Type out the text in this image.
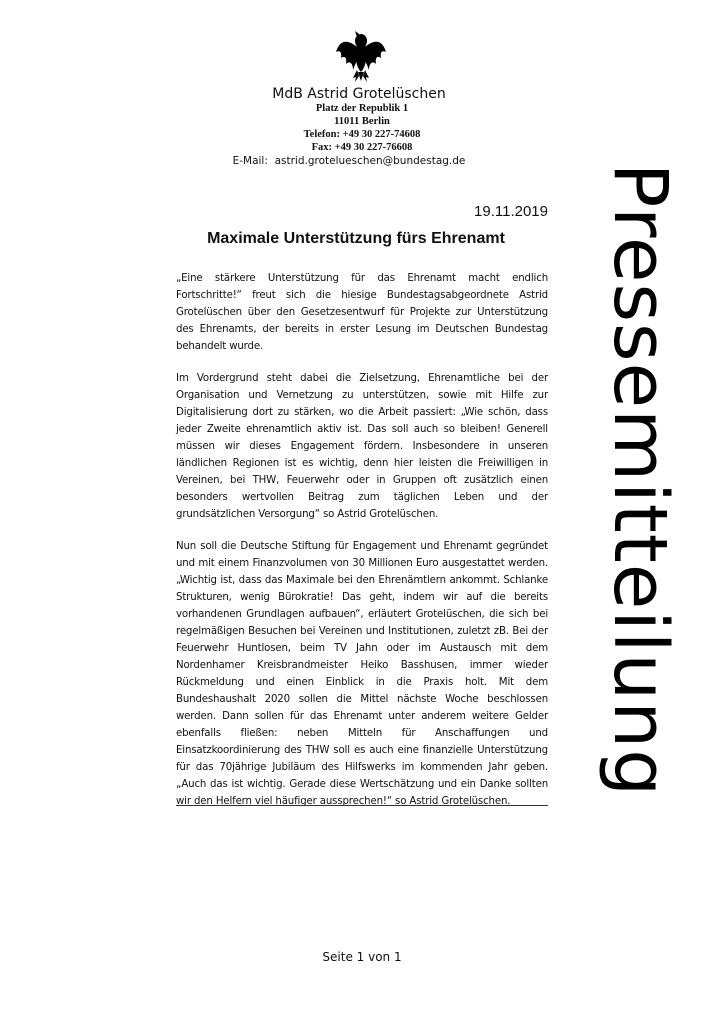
MdB Astrid Grotelüschen
Platz der Republik 1
11011 Berlin
Telefon: +49 30 227-74608
Fax: +49 30 227-76608
E-Mail: astrid.grotelueschen@bundestag.de
Pressemitteilung
19.11.2019
Maximale Unterstützung fürs Ehrenamt

„Eine stärkere Unterstützung für das Ehrenamt macht endlich Fortschritte!“ freut sich die hiesige Bundestagsabgeordnete Astrid Grotelüschen über den Gesetzesentwurf für Projekte zur Unterstützung des Ehrenamts, der bereits in erster Lesung im Deutschen Bundestag behandelt wurde.

Im Vordergrund steht dabei die Zielsetzung, Ehrenamtliche bei der Organisation und Vernetzung zu unterstützen, sowie mit Hilfe zur Digitalisierung dort zu stärken, wo die Arbeit passiert: „Wie schön, dass jeder Zweite ehrenamtlich aktiv ist. Das soll auch so bleiben! Generell müssen wir dieses Engagement fördern. Insbesondere in unseren ländlichen Regionen ist es wichtig, denn hier leisten die Freiwilligen in Vereinen, bei THW, Feuerwehr oder in Gruppen oft zusätzlich einen besonders wertvollen Beitrag zum täglichen Leben und der grundsätzlichen Versorgung“ so Astrid Grotelüschen.

Nun soll die Deutsche Stiftung für Engagement und Ehrenamt gegründet und mit einem Finanzvolumen von 30 Millionen Euro ausgestattet werden. „Wichtig ist, dass das Maximale bei den Ehrenämtlern ankommt. Schlanke Strukturen, wenig Bürokratie! Das geht, indem wir auf die bereits vorhandenen Grundlagen aufbauen“, erläutert Grotelüschen, die sich bei regelmäßigen Besuchen bei Vereinen und Institutionen, zuletzt zB. Bei der Feuerwehr Huntlosen, beim TV Jahn oder im Austausch mit dem Nordenhamer Kreisbrandmeister Heiko Basshusen, immer wieder Rückmeldung und einen Einblick in die Praxis holt. Mit dem Bundeshaushalt 2020 sollen die Mittel nächste Woche beschlossen werden. Dann sollen für das Ehrenamt unter anderem weitere Gelder ebenfalls fließen: neben Mitteln für Anschaffungen und Einsatzkoordinierung des THW soll es auch eine finanzielle Unterstützung für das 70jährige Jubiläum des Hilfswerks im kommenden Jahr geben. „Auch das ist wichtig. Gerade diese Wertschätzung und ein Danke sollten wir den Helfern viel häufiger aussprechen!“ so Astrid Grotelüschen.

Seite 1 von 1
